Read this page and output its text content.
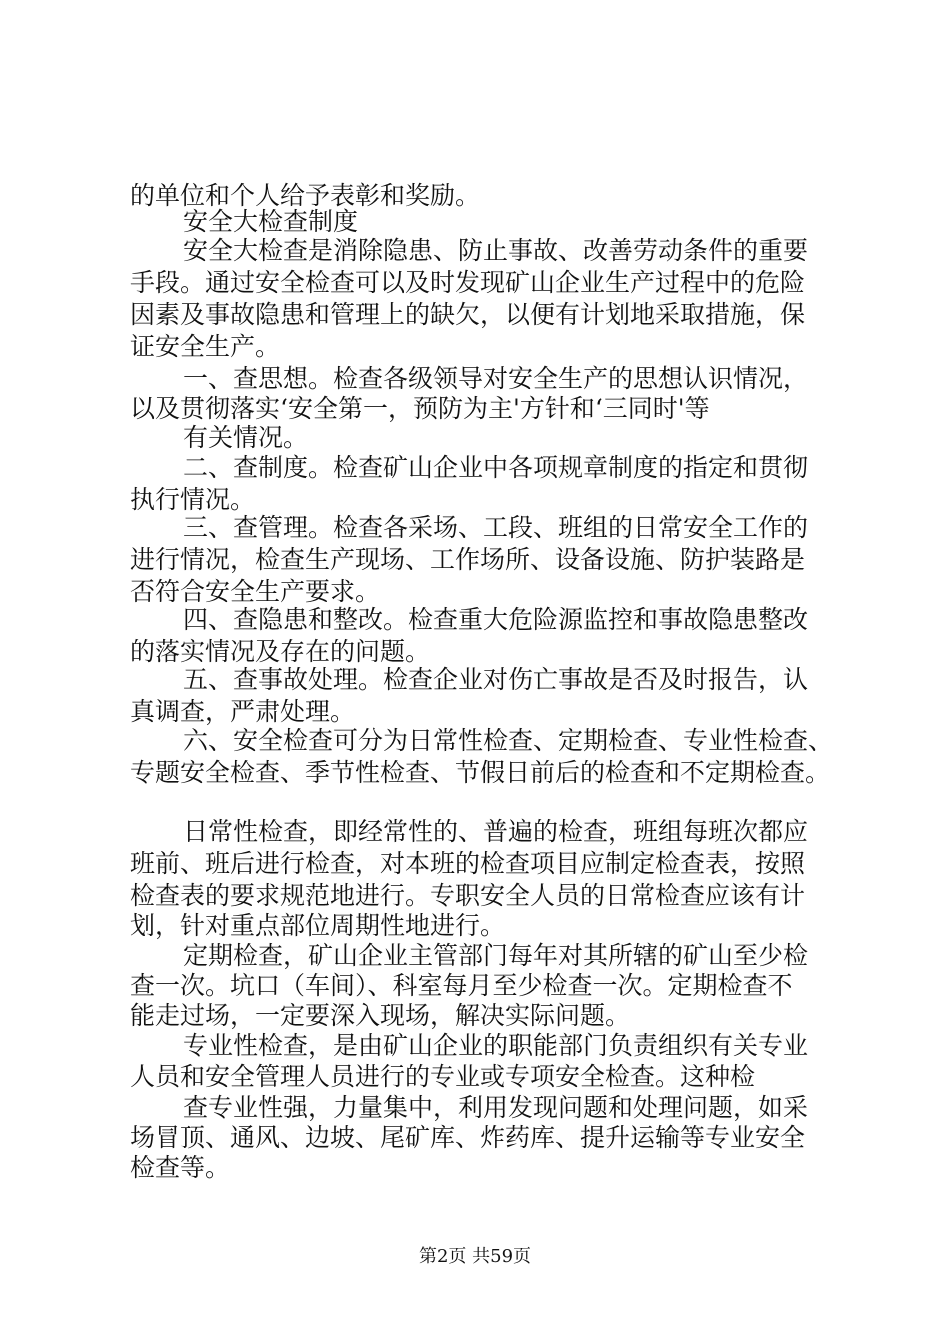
的单位和个人给予表彰和奖励。
安全大检查制度
安全大检查是消除隐患、防止事故、改善劳动条件的重要
手段。通过安全检查可以及时发现矿山企业生产过程中的危险
因素及事故隐患和管理上的缺欠，以便有计划地采取措施，保
证安全生产。
一、查思想。检查各级领导对安全生产的思想认识情况，
以及贯彻落实‘安全第一，预防为主'方针和‘三同时'等
有关情况。
二、查制度。检查矿山企业中各项规章制度的指定和贯彻
执行情况。
三、查管理。检查各采场、工段、班组的日常安全工作的
进行情况，检查生产现场、工作场所、设备设施、防护装路是
否符合安全生产要求。
四、查隐患和整改。检查重大危险源监控和事故隐患整改
的落实情况及存在的问题。
五、查事故处理。检查企业对伤亡事故是否及时报告，认
真调查，严肃处理。
六、安全检查可分为日常性检查、定期检查、专业性检查、
专题安全检查、季节性检查、节假日前后的检查和不定期检查。
日常性检查，即经常性的、普遍的检查，班组每班次都应
班前、班后进行检查，对本班的检查项目应制定检查表，按照
检查表的要求规范地进行。专职安全人员的日常检查应该有计
划，针对重点部位周期性地进行。
定期检查，矿山企业主管部门每年对其所辖的矿山至少检
查一次。坑口（车间）、科室每月至少检查一次。定期检查不
能走过场，一定要深入现场，解决实际问题。
专业性检查，是由矿山企业的职能部门负责组织有关专业
人员和安全管理人员进行的专业或专项安全检查。这种检
查专业性强，力量集中，利用发现问题和处理问题，如采
场冒顶、通风、边坡、尾矿库、炸药库、提升运输等专业安全
检查等。
第2页 共59页
